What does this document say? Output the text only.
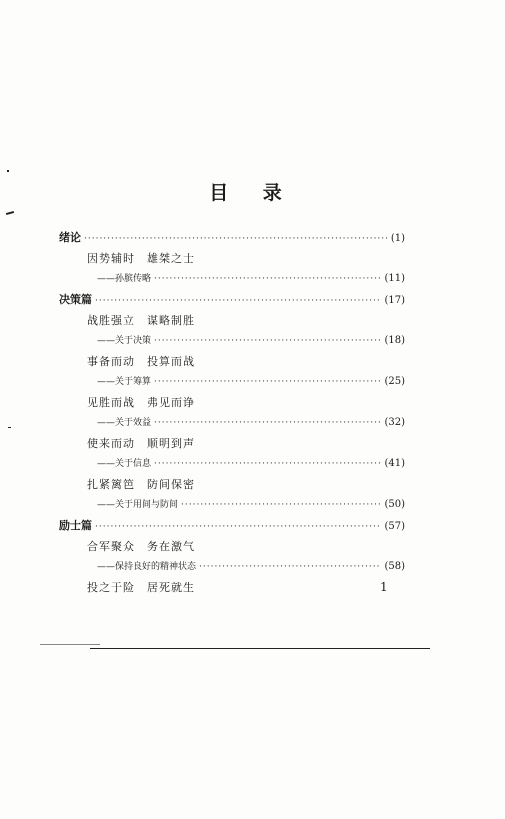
目 录
绪论 ·····	(1)
因势辅时　雄桀之士
——孙膑传略 ·····	(11)
决策篇 ·····	(17)
战胜强立　谋略制胜
——关于决策 ·····	(18)
事备而动　投算而战
——关于筹算 ·····	(25)
见胜而战　弗见而诤
——关于效益 ·····	(32)
使来而动　顺明到声
——关于信息 ·····	(41)
扎紧篱笆　防间保密
——关于用间与防间 ·····	(50)
励士篇 ·····	(57)
合军聚众　务在激气
——保持良好的精神状态 ·····	(58)
投之于险　居死就生	1
